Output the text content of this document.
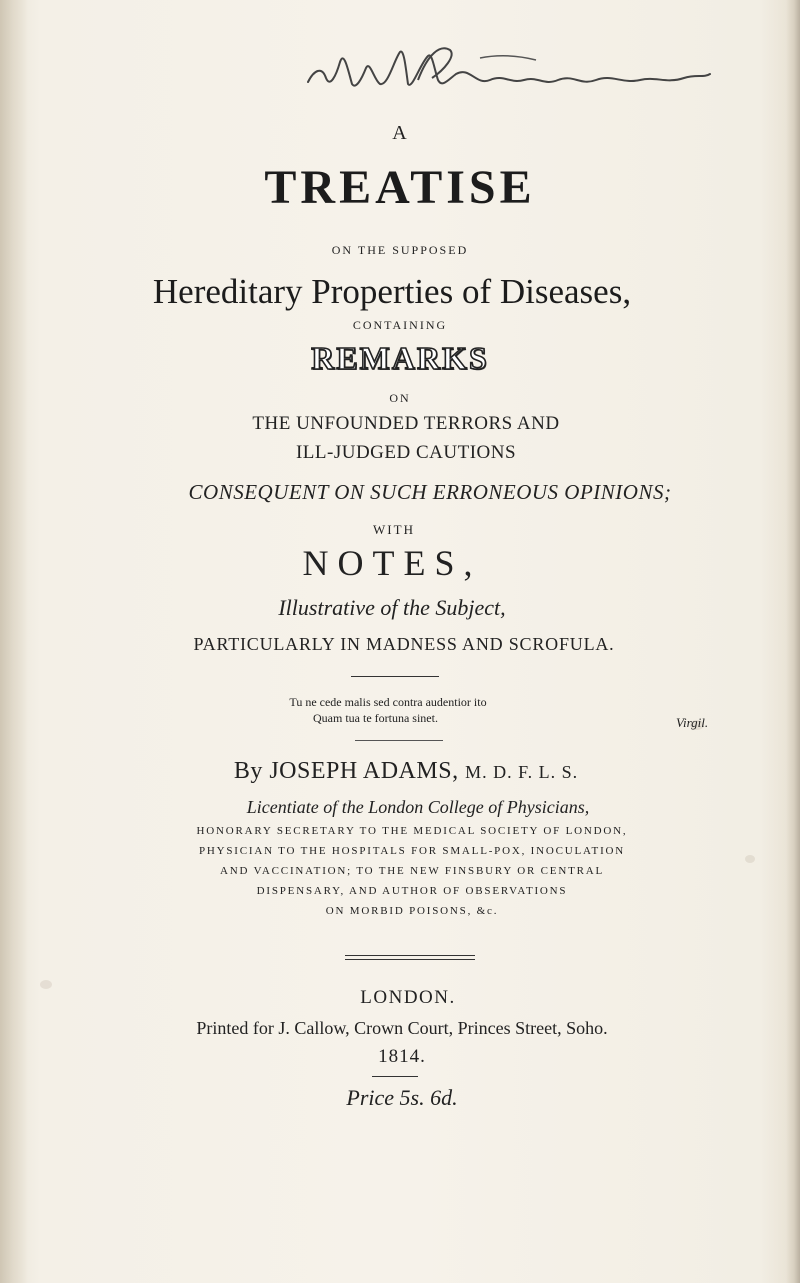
A
TREATISE
ON THE SUPPOSED
Hereditary Properties of Diseases,
CONTAINING
REMARKS
ON
THE UNFOUNDED TERRORS AND
ILL-JUDGED CAUTIONS
CONSEQUENT ON SUCH ERRONEOUS OPINIONS;
WITH
NOTES,
Illustrative of the Subject,
PARTICULARLY IN MADNESS AND SCROFULA.
Tu ne cede malis sed contra audentior ito
Quam tua te fortuna sinet.	Virgil.
By JOSEPH ADAMS, M. D. F. L. S.
Licentiate of the London College of Physicians,
HONORARY SECRETARY TO THE MEDICAL SOCIETY OF LONDON,
PHYSICIAN TO THE HOSPITALS FOR SMALL-POX, INOCULATION
AND VACCINATION; TO THE NEW FINSBURY OR CENTRAL
DISPENSARY, AND AUTHOR OF OBSERVATIONS
ON MORBID POISONS, &c.
LONDON.
Printed for J. Callow, Crown Court, Princes Street, Soho.
1814.
Price 5s. 6d.
